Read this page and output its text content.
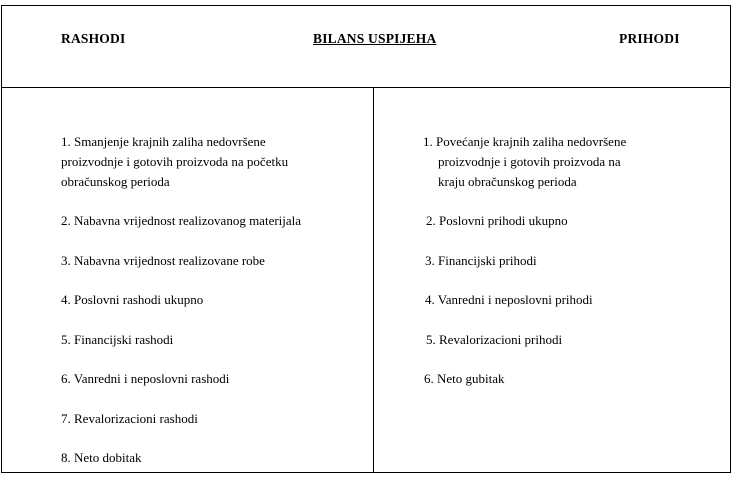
RASHODI	BILANS USPIJEHA	PRIHODI
1. Smanjenje krajnih zaliha nedovršene
proizvodnje i gotovih proizvoda na početku
obračunskog perioda
2. Nabavna vrijednost realizovanog materijala
3. Nabavna vrijednost realizovane robe
4. Poslovni rashodi ukupno
5. Financijski rashodi
6. Vanredni i neposlovni rashodi
7. Revalorizacioni rashodi
8. Neto dobitak
1. Povećanje krajnih zaliha nedovršene
proizvodnje i gotovih proizvoda na
kraju obračunskog perioda
2. Poslovni prihodi ukupno
3. Financijski prihodi
4. Vanredni i neposlovni prihodi
5. Revalorizacioni prihodi
6. Neto gubitak
